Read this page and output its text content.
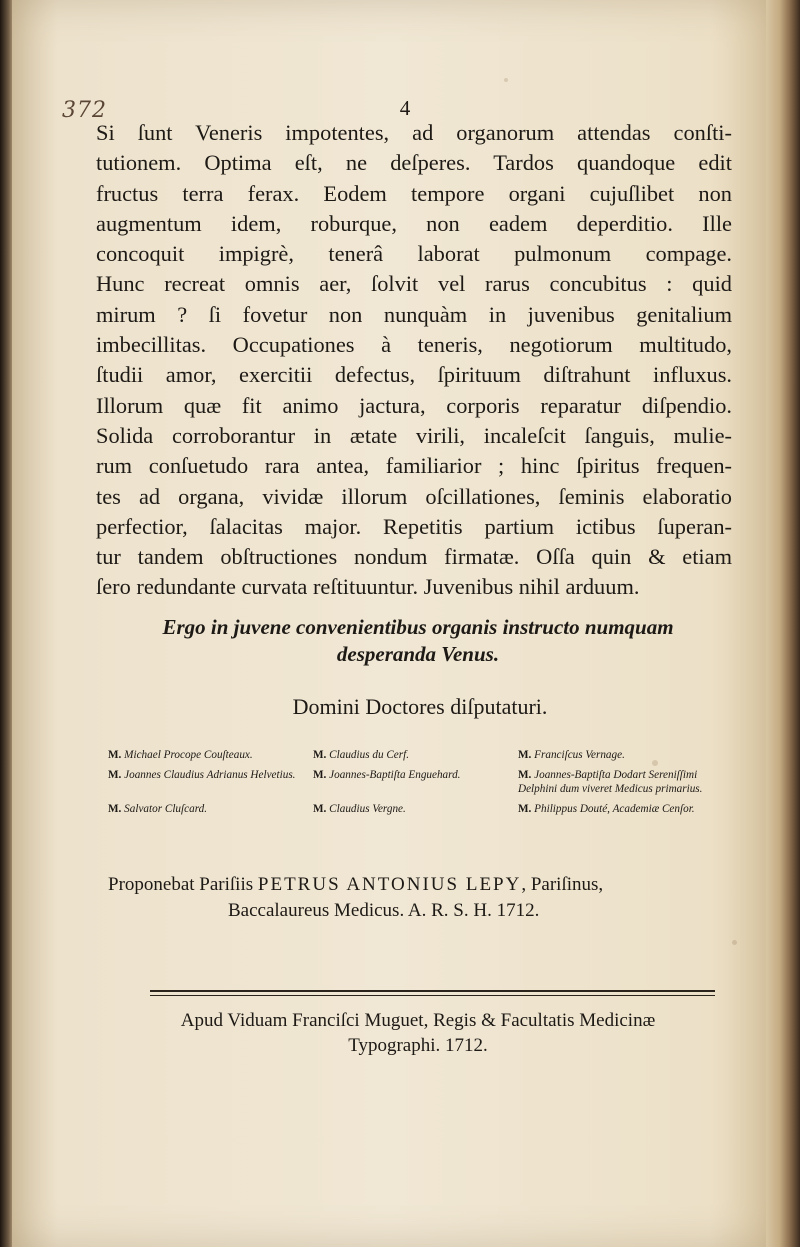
372	4
Si ſunt Veneris impotentes, ad organorum attendas conſti-
tutionem. Optima eſt, ne deſperes. Tardos quandoque edit
fructus terra ferax. Eodem tempore organi cujuſlibet non
augmentum idem, roburque, non eadem deperditio. Ille
concoquit impigrè, tenerâ laborat pulmonum compage.
Hunc recreat omnis aer, ſolvit vel rarus concubitus : quid
mirum ? ſi fovetur non nunquàm in juvenibus genitalium
imbecillitas. Occupationes à teneris, negotiorum multitudo,
ſtudii amor, exercitii defectus, ſpirituum diſtrahunt influxus.
Illorum quæ fit animo jactura, corporis reparatur diſpendio.
Solida corroborantur in ætate virili, incaleſcit ſanguis, mulie-
rum conſuetudo rara antea, familiarior ; hinc ſpiritus frequen-
tes ad organa, vividæ illorum oſcillationes, ſeminis elaboratio
perfectior, ſalacitas major. Repetitis partium ictibus ſuperan-
tur tandem obſtructiones nondum firmatæ. Oſſa quin & etiam
ſero redundante curvata reſtituuntur. Juvenibus nihil arduum.
Ergo in juvene convenientibus organis instructo numquam
desperanda Venus.
Domini Doctores diſputaturi.
M. Michael Procope Couſteaux.	M. Claudius du Cerf.	M. Franciſcus Vernage.
M. Joannes Claudius Adrianus Helvetius.	M. Joannes-Baptiſta Enguehard.	M. Joannes-Baptiſta Dodart Sereniſſimi Delphini dum viveret Medicus primarius.
M. Salvator Cluſcard.	M. Claudius Vergne.	M. Philippus Douté, Academiæ Cenſor.
Proponebat Pariſiis PETRUS ANTONIUS LEPY, Pariſinus,
Baccalaureus Medicus. A. R. S. H. 1712.
Apud Viduam Franciſci Muguet, Regis & Facultatis Medicinæ
Typographi. 1712.
